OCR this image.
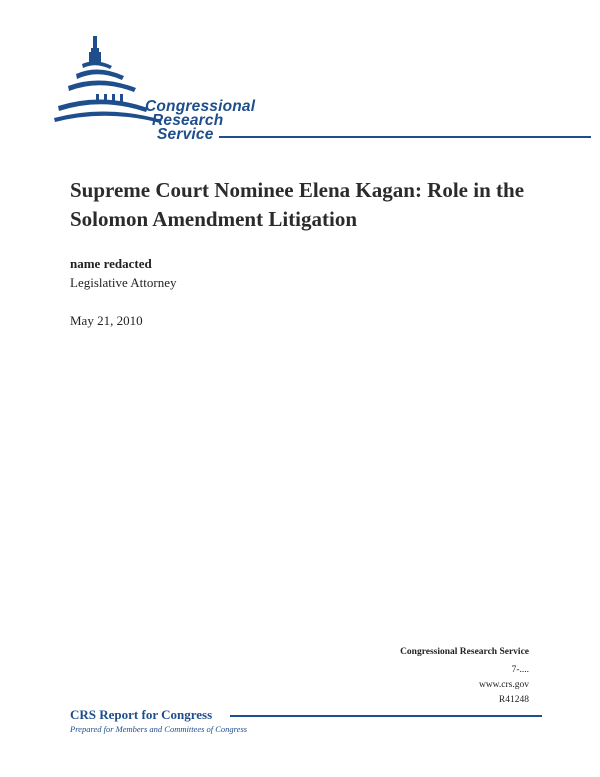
Congressional
Research
Service
Supreme Court Nominee Elena Kagan: Role in the Solomon Amendment Litigation
name redacted
Legislative Attorney
May 21, 2010
Congressional Research Service
7-....
www.crs.gov
R41248
CRS Report for Congress
Prepared for Members and Committees of Congress
